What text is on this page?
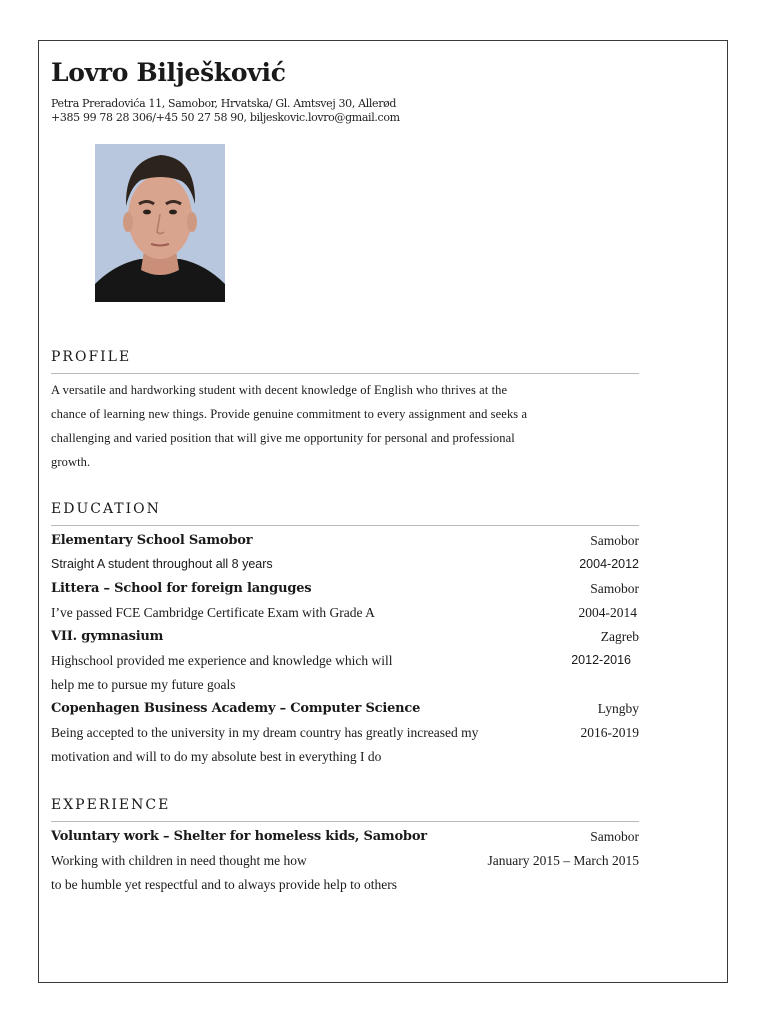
Lovro Bilješković
Petra Preradovića 11, Samobor, Hrvatska/ Gl. Amtsvej 30, Allerød
+385 99 78 28 306/+45 50 27 58 90, biljeskovic.lovro@gmail.com
PROFILE
A versatile and hardworking student with decent knowledge of English who thrives at the
chance of learning new things. Provide genuine commitment to every assignment and seeks a
challenging and varied position that will give me opportunity for personal and professional
growth.
EDUCATION
Elementary School Samobor	Samobor
Straight A student throughout all 8 years	2004-2012
Littera – School for foreign languges	Samobor
I’ve passed FCE Cambridge Certificate Exam with Grade A	2004-2014
VII. gymnasium	Zagreb
Highschool provided me experience and knowledge which will	2012-2016
help me to pursue my future goals
Copenhagen Business Academy – Computer Science	Lyngby
Being accepted to the university in my dream country has greatly increased my	2016-2019
motivation and will to do my absolute best in everything I do
EXPERIENCE
Voluntary work – Shelter for homeless kids, Samobor	Samobor
Working with children in need thought me how	January 2015 – March 2015
to be humble yet respectful and to always provide help to others
